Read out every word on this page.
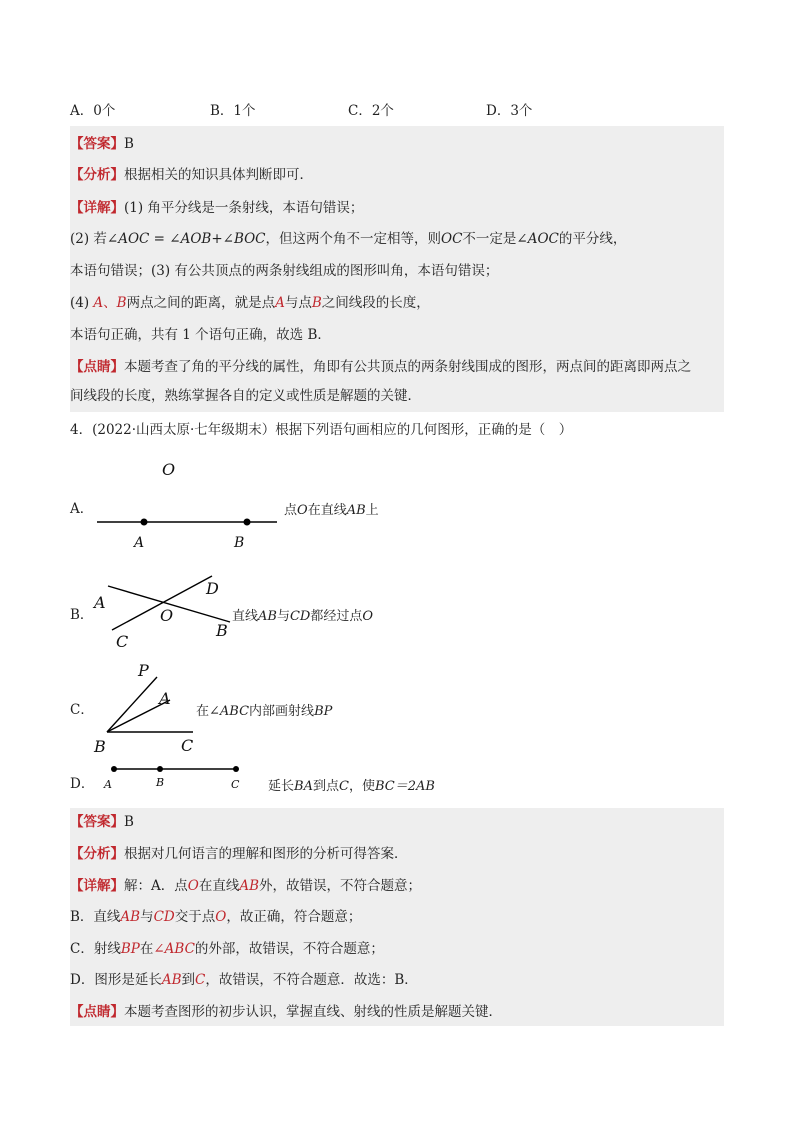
A．0个	B．1个	C．2个	D．3个
【答案】B
【分析】根据相关的知识具体判断即可．
【详解】(1) 角平分线是一条射线，本语句错误；
(2) 若∠AOC = ∠AOB+∠BOC，但这两个角不一定相等，则OC不一定是∠AOC的平分线，
本语句错误；(3) 有公共顶点的两条射线组成的图形叫角，本语句错误；
(4) A、B两点之间的距离，就是点A与点B之间线段的长度，
本语句正确，共有 1 个语句正确，故选 B．
【点睛】本题考查了角的平分线的属性，角即有公共顶点的两条射线围成的图形，两点间的距离即两点之
间线段的长度，熟练掌握各自的定义或性质是解题的关键．
4．(2022·山西太原·七年级期末）根据下列语句画相应的几何图形，正确的是（　）
A．
O
A	B
点O在直线AB上
B．
A
B
C
D
O	直线AB与CD都经过点O
C．
P
A
B	C
在∠ABC内部画射线BP
D． A	B	C 延长BA到点C，使BC＝2AB
【答案】B
【分析】根据对几何语言的理解和图形的分析可得答案．
【详解】解：A．点O在直线AB外，故错误，不符合题意；
B．直线AB与CD交于点O，故正确，符合题意；
C．射线BP在∠ABC的外部，故错误，不符合题意；
D．图形是延长AB到C，故错误，不符合题意．故选：B．
【点睛】本题考查图形的初步认识，掌握直线、射线的性质是解题关键．
